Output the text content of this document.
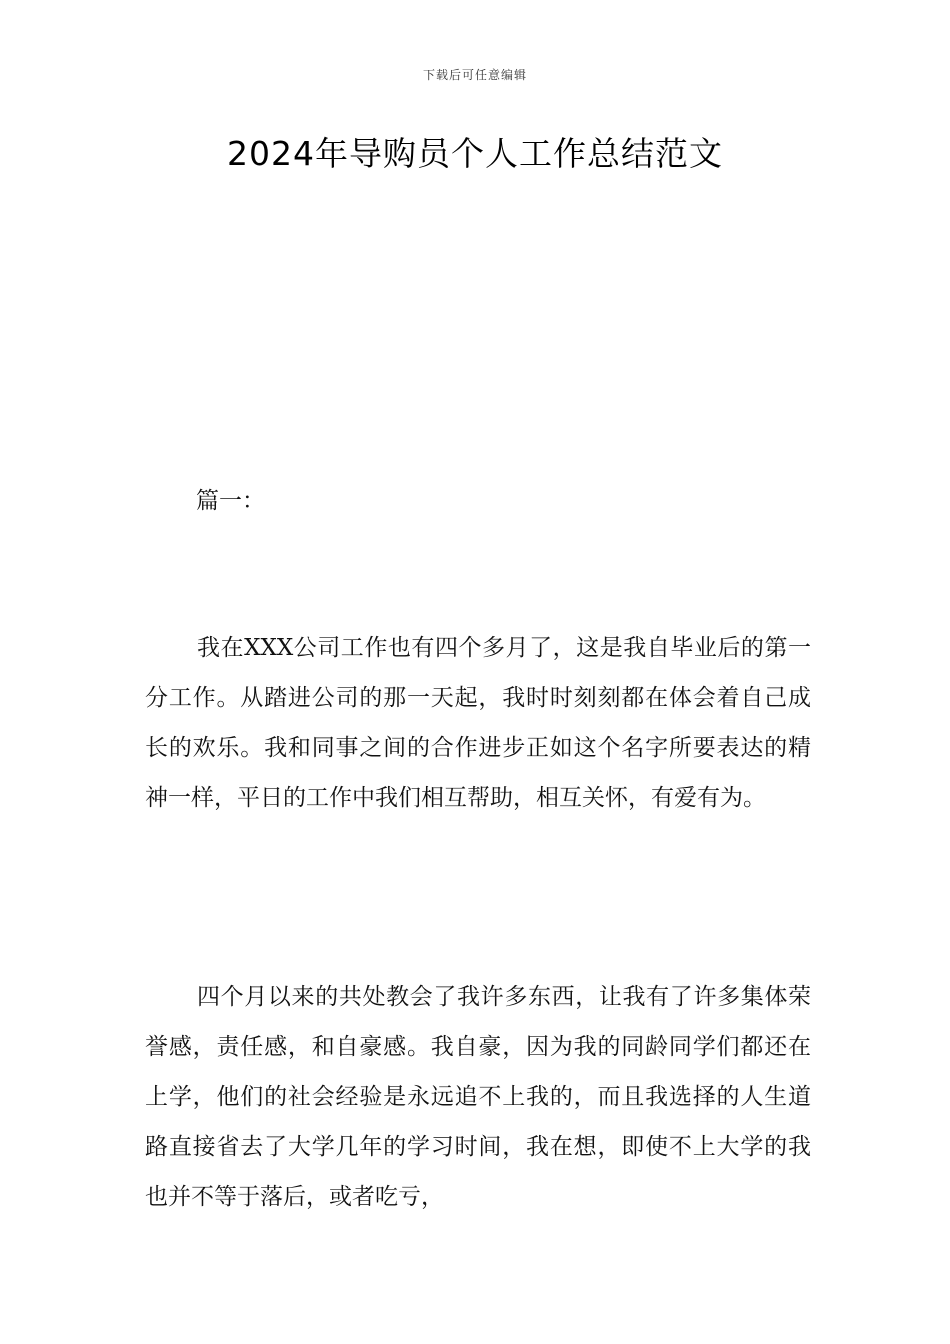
下载后可任意编辑
2024年导购员个人工作总结范文
篇一：

我在XXX公司工作也有四个多月了，这是我自毕业后的第一分工作。从踏进公司的那一天起，我时时刻刻都在体会着自己成长的欢乐。我和同事之间的合作进步正如这个名字所要表达的精神一样，平日的工作中我们相互帮助，相互关怀，有爱有为。

四个月以来的共处教会了我许多东西，让我有了许多集体荣誉感，责任感，和自豪感。我自豪，因为我的同龄同学们都还在上学，他们的社会经验是永远追不上我的，而且我选择的人生道路直接省去了大学几年的学习时间，我在想，即使不上大学的我也并不等于落后，或者吃亏，
